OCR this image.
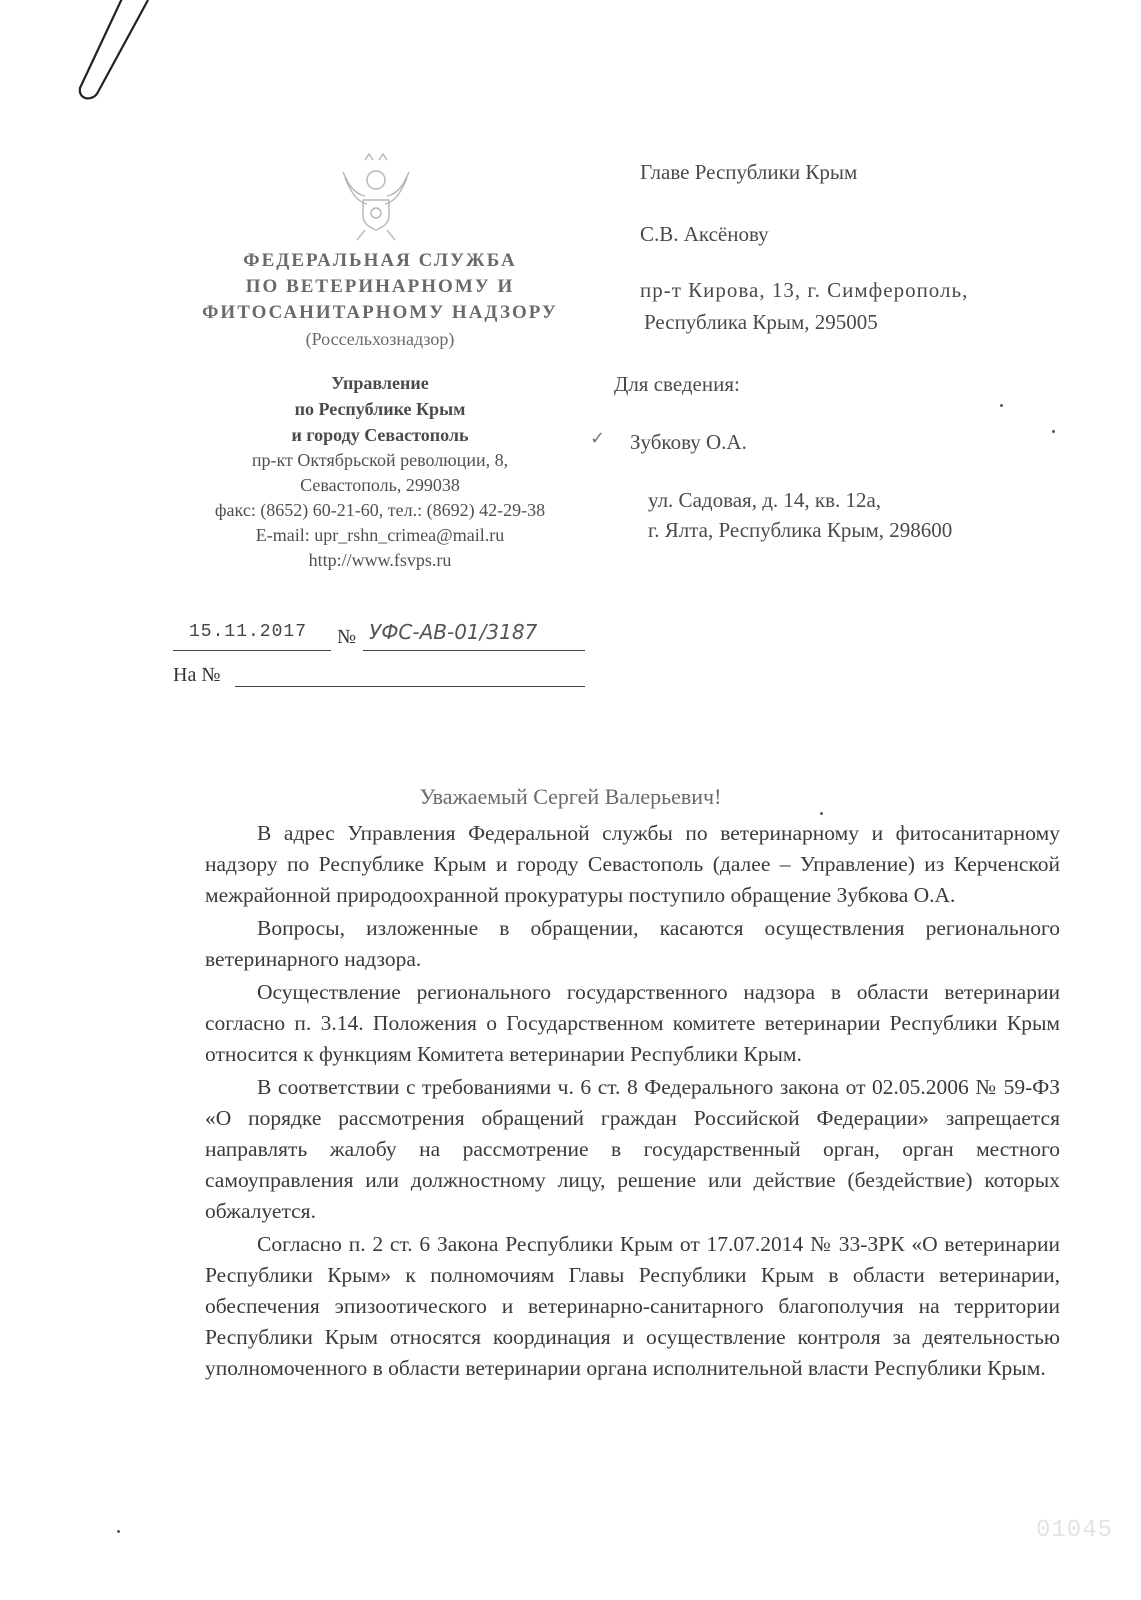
ФЕДЕРАЛЬНАЯ СЛУЖБА
ПО ВЕТЕРИНАРНОМУ И
ФИТОСАНИТАРНОМУ НАДЗОРУ
(Россельхознадзор)
Управление
по Республике Крым
и городу Севастополь
пр-кт Октябрьской революции, 8,
Севастополь, 299038
факс: (8652) 60-21-60, тел.: (8692) 42-29-38
E-mail: upr_rshn_crimea@mail.ru
http://www.fsvps.ru
15.11.2017 № УФС-АВ-01/3187
На №
Главе Республики Крым
С.В. Аксёнову
пр-т Кирова, 13, г. Симферополь,
Республика Крым, 295005
Для сведения:
Зубкову О.А.
ул. Садовая, д. 14, кв. 12а,
г. Ялта, Республика Крым, 298600
✓
Уважаемый Сергей Валерьевич!

В адрес Управления Федеральной службы по ветеринарному и фитосанитарному надзору по Республике Крым и городу Севастополь (далее – Управление) из Керченской межрайонной природоохранной прокуратуры поступило обращение Зубкова О.А.

Вопросы, изложенные в обращении, касаются осуществления регионального ветеринарного надзора.

Осуществление регионального государственного надзора в области ветеринарии согласно п. 3.14. Положения о Государственном комитете ветеринарии Республики Крым относится к функциям Комитета ветеринарии Республики Крым.

В соответствии с требованиями ч. 6 ст. 8 Федерального закона от 02.05.2006 № 59-ФЗ «О порядке рассмотрения обращений граждан Российской Федерации» запрещается направлять жалобу на рассмотрение в государственный орган, орган местного самоуправления или должностному лицу, решение или действие (бездействие) которых обжалуется.

Согласно п. 2 ст. 6 Закона Республики Крым от 17.07.2014 № 33-ЗРК «О ветеринарии Республики Крым» к полномочиям Главы Республики Крым в области ветеринарии, обеспечения эпизоотического и ветеринарно-санитарного благополучия на территории Республики Крым относятся координация и осуществление контроля за деятельностью уполномоченного в области ветеринарии органа исполнительной власти Республики Крым.

01045
